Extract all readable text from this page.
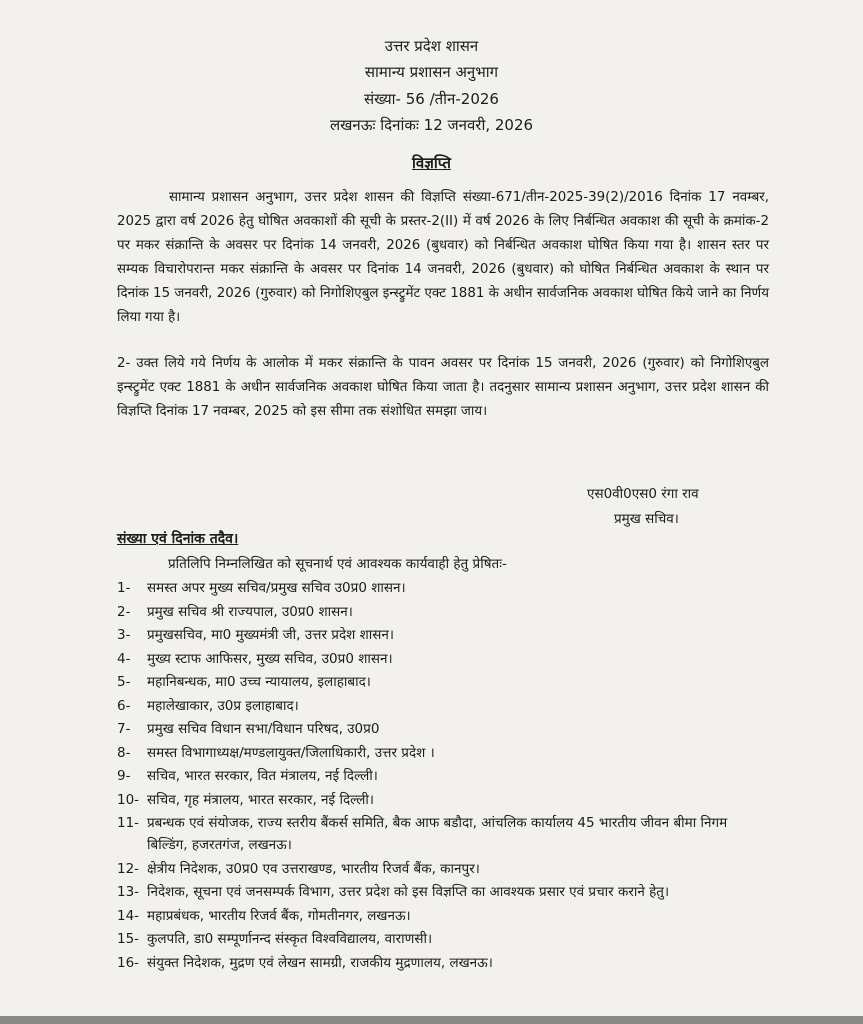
उत्तर प्रदेश शासन
सामान्य प्रशासन अनुभाग
संख्या- 56 /तीन-2026
लखनऊः दिनांकः 12 जनवरी, 2026
विज्ञप्ति
सामान्य प्रशासन अनुभाग, उत्तर प्रदेश शासन की विज्ञप्ति संख्या-671/तीन-2025-39(2)/2016 दिनांक 17 नवम्बर, 2025 द्वारा वर्ष 2026 हेतु घोषित अवकाशों की सूची के प्रस्तर-2(II) में वर्ष 2026 के लिए निर्बन्धित अवकाश की सूची के क्रमांक-2 पर मकर संक्रान्ति के अवसर पर दिनांक 14 जनवरी, 2026 (बुधवार) को निर्बन्धित अवकाश घोषित किया गया है। शासन स्तर पर सम्यक विचारोपरान्त मकर संक्रान्ति के अवसर पर दिनांक 14 जनवरी, 2026 (बुधवार) को घोषित निर्बन्धित अवकाश के स्थान पर दिनांक 15 जनवरी, 2026 (गुरुवार) को निगोशिएबुल इन्स्ट्रुमेंट एक्ट 1881 के अधीन सार्वजनिक अवकाश घोषित किये जाने का निर्णय लिया गया है।
2- उक्त लिये गये निर्णय के आलोक में मकर संक्रान्ति के पावन अवसर पर दिनांक 15 जनवरी, 2026 (गुरुवार) को निगोशिएबुल इन्स्ट्रुमेंट एक्ट 1881 के अधीन सार्वजनिक अवकाश घोषित किया जाता है। तदनुसार सामान्य प्रशासन अनुभाग, उत्तर प्रदेश शासन की विज्ञप्ति दिनांक 17 नवम्बर, 2025 को इस सीमा तक संशोधित समझा जाय।
एस0वी0एस0 रंगा राव
प्रमुख सचिव।
संख्या एवं दिनांक तदैव।
प्रतिलिपि निम्नलिखित को सूचनार्थ एवं आवश्यक कार्यवाही हेतु प्रेषितः-
1-	समस्त अपर मुख्य सचिव/प्रमुख सचिव उ0प्र0 शासन।
2-	प्रमुख सचिव श्री राज्यपाल, उ0प्र0 शासन।
3-	प्रमुखसचिव, मा0 मुख्यमंत्री जी, उत्तर प्रदेश शासन।
4-	मुख्य स्टाफ आफिसर, मुख्य सचिव, उ0प्र0 शासन।
5-	महानिबन्धक, मा0 उच्च न्यायालय, इलाहाबाद।
6-	महालेखाकार, उ0प्र इलाहाबाद।
7-	प्रमुख सचिव विधान सभा/विधान परिषद, उ0प्र0
8-	समस्त विभागाध्यक्ष/मण्डलायुक्त/जिलाधिकारी, उत्तर प्रदेश ।
9-	सचिव, भारत सरकार, वित मंत्रालय, नई दिल्ली।
10- सचिव, गृह मंत्रालय, भारत सरकार, नई दिल्ली।
11- प्रबन्धक एवं संयोजक, राज्य स्तरीय बैंकर्स समिति, बैक आफ बडौदा, आंचलिक कार्यालय 45 भारतीय जीवन बीमा निगम बिल्डिंग, हजरतगंज, लखनऊ।
12- क्षेत्रीय निदेशक, उ0प्र0 एव उत्तराखण्ड, भारतीय रिजर्व बैंक, कानपुर।
13- निदेशक, सूचना एवं जनसम्पर्क विभाग, उत्तर प्रदेश को इस विज्ञप्ति का आवश्यक प्रसार एवं प्रचार कराने हेतु।
14- महाप्रबंधक, भारतीय रिजर्व बैंक, गोमतीनगर, लखनऊ।
15- कुलपति, डा0 सम्पूर्णानन्द संस्कृत विश्वविद्यालय, वाराणसी।
16- संयुक्त निदेशक, मुद्रण एवं लेखन सामग्री, राजकीय मुद्रणालय, लखनऊ।
